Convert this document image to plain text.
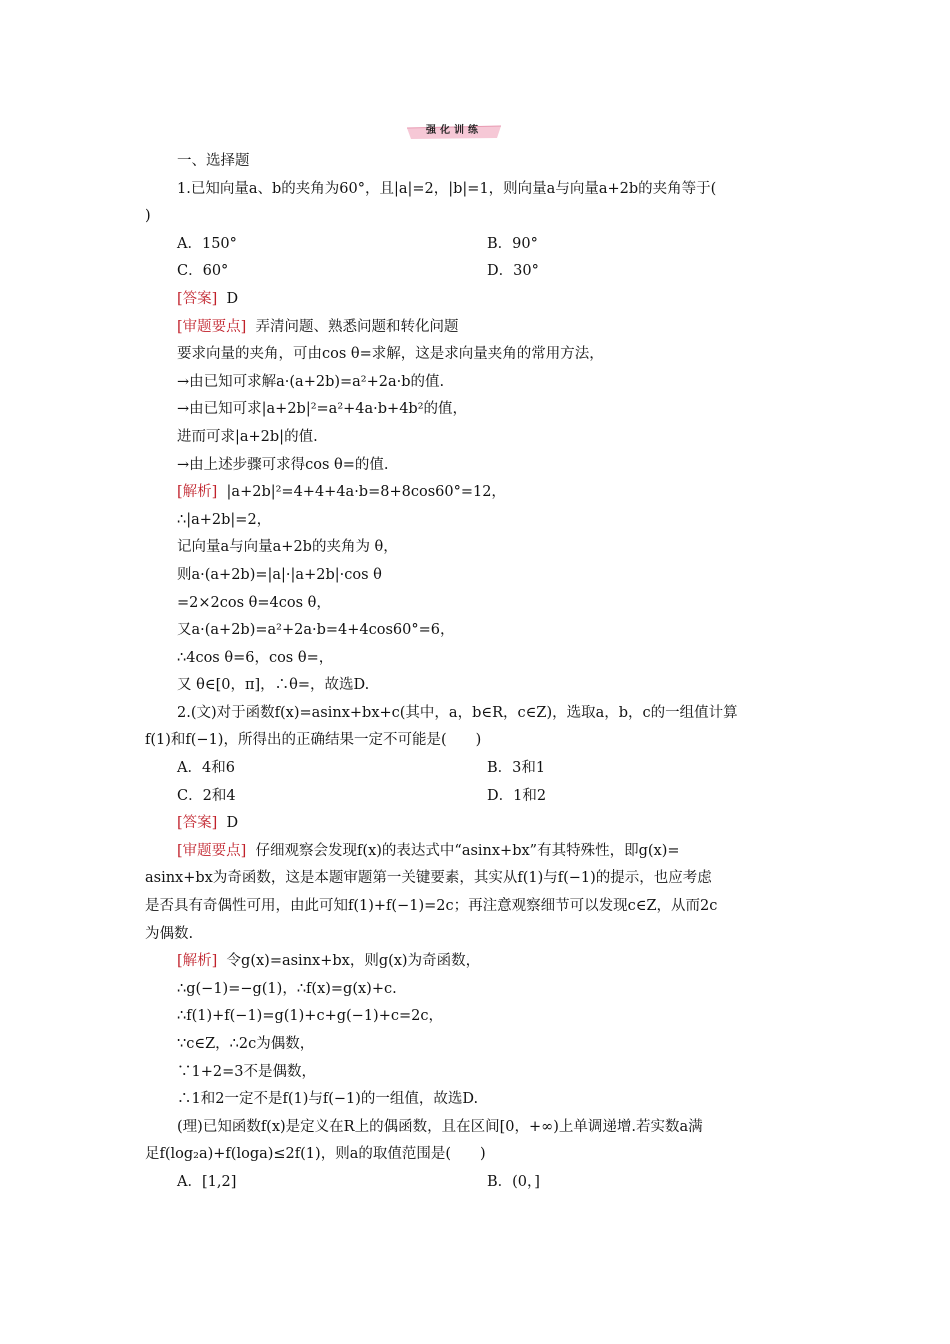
强化训练
一、选择题
1.已知向量a、b的夹角为60°，且|a|=2，|b|=1，则向量a与向量a+2b的夹角等于(
)
A．150°	B．90°
C．60°	D．30°
[答案] D
[审题要点] 弄清问题、熟悉问题和转化问题
要求向量的夹角，可由cos θ=求解，这是求向量夹角的常用方法，
→由已知可求解a·(a+2b)=a²+2a·b的值.
→由已知可求|a+2b|²=a²+4a·b+4b²的值，
进而可求|a+2b|的值.
→由上述步骤可求得cos θ=的值.
[解析] |a+2b|²=4+4+4a·b=8+8cos60°=12，
∴|a+2b|=2，
记向量a与向量a+2b的夹角为 θ，
则a·(a+2b)=|a|·|a+2b|·cos θ
=2×2cos θ=4cos θ，
又a·(a+2b)=a²+2a·b=4+4cos60°=6，
∴4cos θ=6，cos θ=，
又 θ∈[0，π]，∴θ=，故选D.
2.(文)对于函数f(x)=asinx+bx+c(其中，a，b∈R，c∈Z)，选取a，b，c的一组值计算
f(1)和f(−1)，所得出的正确结果一定不可能是(　　)
A．4和6	B．3和1
C．2和4	D．1和2
[答案] D
[审题要点] 仔细观察会发现f(x)的表达式中“asinx+bx”有其特殊性，即g(x)=
asinx+bx为奇函数，这是本题审题第一关键要素，其实从f(1)与f(−1)的提示，也应考虑
是否具有奇偶性可用，由此可知f(1)+f(−1)=2c；再注意观察细节可以发现c∈Z，从而2c
为偶数.
[解析] 令g(x)=asinx+bx，则g(x)为奇函数，
∴g(−1)=−g(1)，∴f(x)=g(x)+c.
∴f(1)+f(−1)=g(1)+c+g(−1)+c=2c，
∵c∈Z，∴2c为偶数，
∵1+2=3不是偶数，
∴1和2一定不是f(1)与f(−1)的一组值，故选D.
(理)已知函数f(x)是定义在R上的偶函数，且在区间[0，+∞)上单调递增.若实数a满
足f(log₂a)+f(loga)≤2f(1)，则a的取值范围是(　　)
A．[1,2]	B．(0，]
